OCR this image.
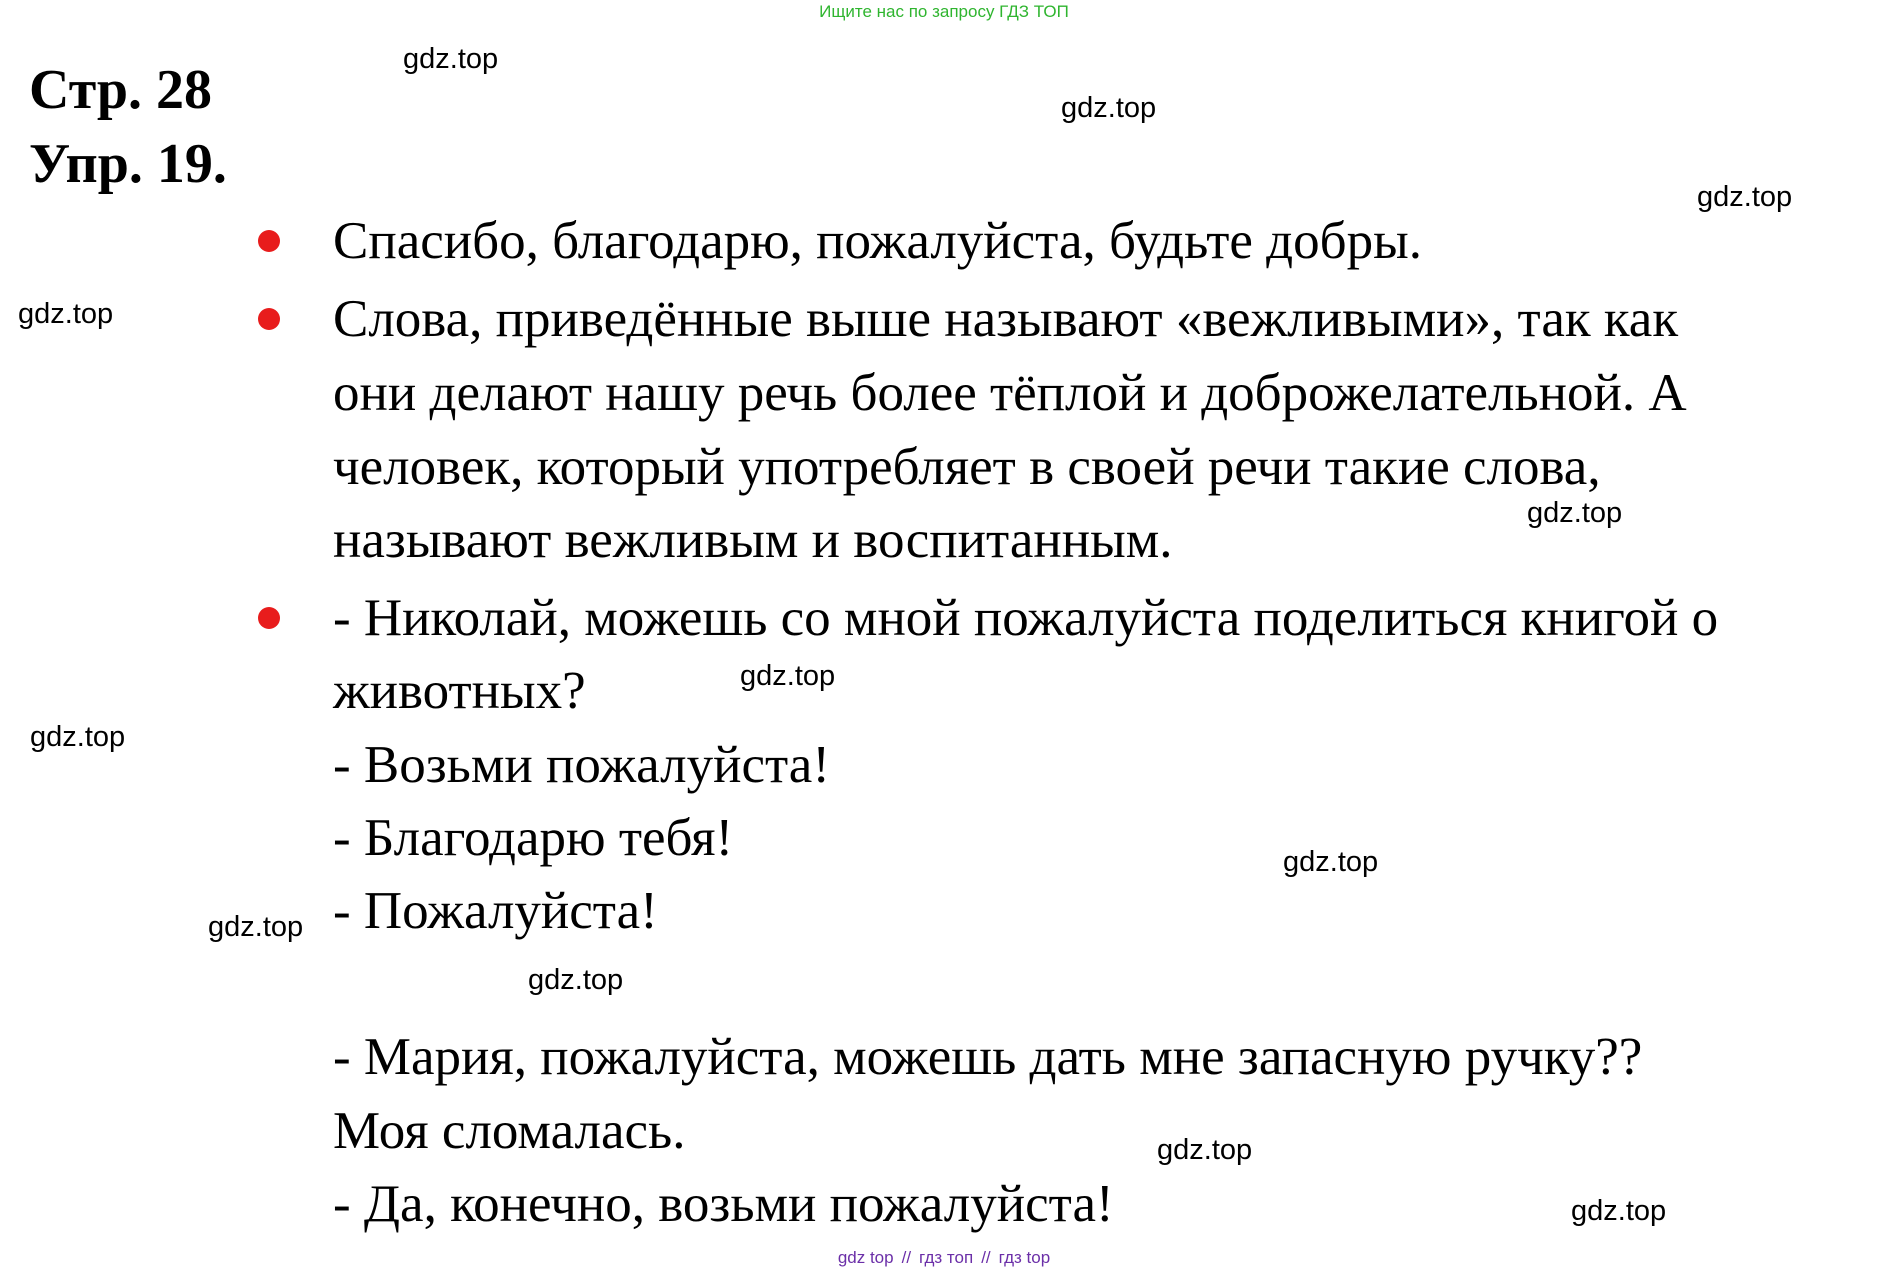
Ищите нас по запросу ГДЗ ТОП
Стр. 28
Упр. 19.
Спасибо, благодарю, пожалуйста, будьте добры.
Слова, приведённые выше называют «вежливыми», так как
они делают нашу речь более тёплой и доброжелательной. А
человек, который употребляет в своей речи такие слова,
называют вежливым и воспитанным.
- Николай, можешь со мной пожалуйста поделиться книгой о
животных?
- Возьми пожалуйста!
- Благодарю тебя!
- Пожалуйста!
- Мария, пожалуйста, можешь дать мне запасную ручку??
Моя сломалась.
- Да, конечно, возьми пожалуйста!
gdz.top
gdz.top
gdz.top
gdz.top
gdz.top
gdz.top
gdz.top
gdz.top
gdz.top
gdz.top
gdz.top
gdz.top
gdz top // гдз топ // гдз top
